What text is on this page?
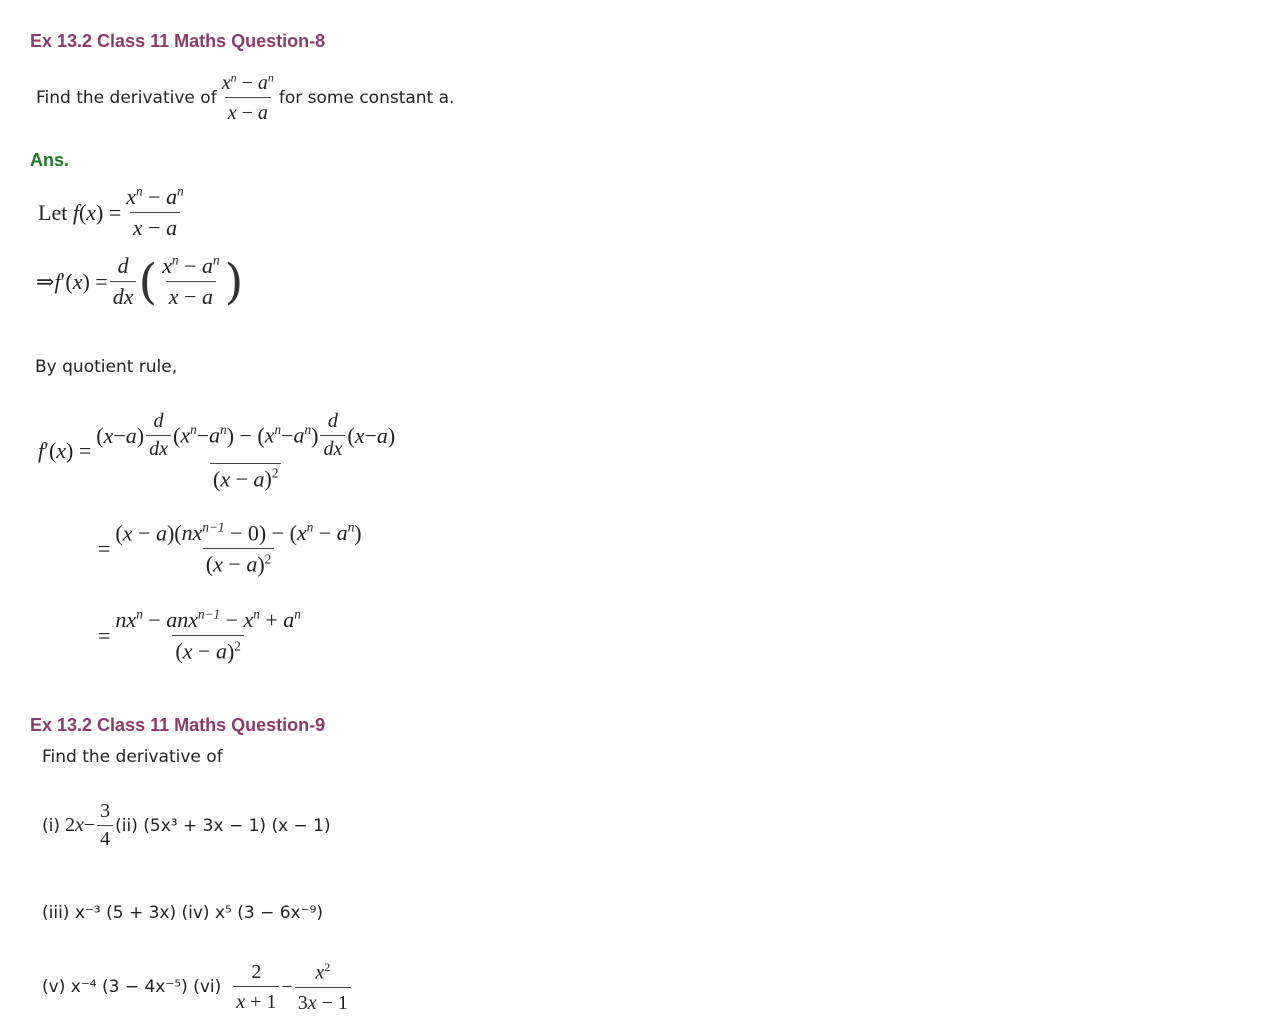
Ex 13.2 Class 11 Maths Question-8
Find the derivative of $\frac{x^n - a^n}{x - a}$ for some constant a.
Ans.
Let f ( x ) = $\frac{x^n - a^n}{x - a}$
⇒ f ′( x ) = $\frac{d}{dx}$ ( $\frac{x^n - a^n}{x - a}$ )
By quotient rule,
f ′( x ) =
( x − a ) $\frac{d}{dx}$ ( $x^n - a^n$ ) − ( $x^n - a^n$ ) $\frac{d}{dx}$ ( x − a )
$(x - a)^2$
= $\frac{(x - a)(nx^{n-1} - 0) - (x^n - a^n)}{(x - a)^2}$
= $\frac{nx^n - anx^{n-1} - x^n + a^n}{(x - a)^2}$
Ex 13.2 Class 11 Maths Question-9
Find the derivative of
(i) 2 $x - \frac{3}{4} (ii) (5x^3 + 3x - 1) (x - 1)$
(iii) x⁻³ (5 + 3x) (iv) x⁵ (3 − 6x⁻⁹)
(v) x⁻⁴ (3 − 4x⁻⁵) (vi)
$\frac{2}{x + 1} - \frac{x^2}{3x - 1}$
